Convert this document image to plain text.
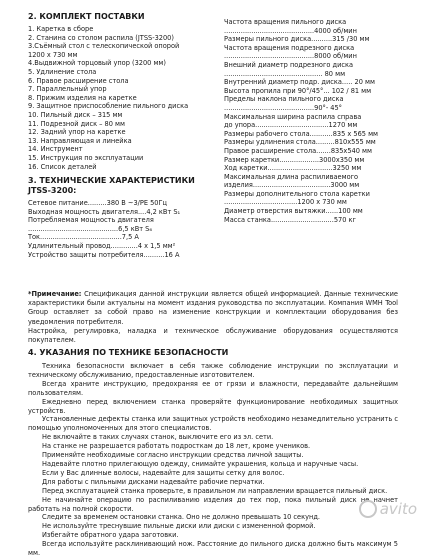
2. КОМПЛЕКТ ПОСТАВКИ
1. Каретка в сборе
2. Станина со столом распила (JTSS-3200)
3.Съёмный стол с телескопической опорой
1200 x 730 мм
4.Выдвижной торцовый упор (3200 мм)
5. Удлинение стола
6. Правое расширение стола
7. Параллельный упор
8. Прижим изделия на каретке
9. Защитное приспособление пильного диска
10. Пильный диск – 315 мм
11. Подрезной диск – 80 мм
12. Задний упор на каретке
13. Направляющая и линейка
14. Инструмент
15. Инструкция по эксплуатации
16. Список деталей
3. ТЕХНИЧЕСКИЕ ХАРАКТЕРИСТИКИ
JTSS-3200:
Сетевое питание.........380 В ~3/PE 50Гц
Выходная мощность двигателя....4,2 кВт S₁
Потребляемая мощность двигателя
...........................................6,5 кВт S₆
Ток.......................................7,5 А
Удлинительный провод.............4 x 1,5 мм²
Устройство защиты потребителя..........16 А
Частота вращения пильного диска
...........................................4000 об/мин
Размеры пильного диска..........315 /30 мм
Частота вращения подрезного диска
...........................................8000 об/мин
Внешний диаметр подрезного диска
............................................... 80 мм
Внутренний диаметр подр. диска..... 20 мм
Высота пропила при 90°/45°... 102 / 81 мм
Пределы наклона пильного диска
...........................................90°- 45°
Максимальная ширина распила справа
до упора...................................1270 мм
Размеры рабочего стола...........835 x 565 мм
Размеры удлинения стола.........810x555 мм
Правое расширение стола.......835x540 мм
Размер каретки...................3000x350 мм
Ход каретки...............................3250 мм
Максимальная длина распиливаемого
изделия.....................................3000 мм
Размеры дополнительного стола каретки
...................................1200 x 730 мм
Диаметр отверстия вытяжки......100 мм
Масса станка..............................570 кг
*Примечание: Спецификация данной инструкции является общей информацией. Данные технические характеристики были актуальны на момент издания руководства по эксплуатации. Компания WMH Tool Group оставляет за собой право на изменение конструкции и комплектации оборудования без уведомления потребителя.
Настройка, регулировка, наладка и техническое обслуживание оборудования осуществляются покупателем.
4. УКАЗАНИЯ ПО ТЕХНИКЕ БЕЗОПАСНОСТИ

Техника безопасности включает в себя также соблюдение инструкции по эксплуатации и техническому обслуживанию, предоставленные изготовителем.

Всегда храните инструкцию, предохраняя ее от грязи и влажности, передавайте дальнейшим пользователям.

Ежедневно перед включением станка проверяйте функционирование необходимых защитных устройств.

Установленные дефекты станка или защитных устройств необходимо незамедлительно устранить с помощью уполномоченных для этого специалистов.

Не включайте в таких случаях станок, выключите его из эл. сети.

На станке не разрешается работать подросткам до 18 лет, кроме учеников.

Применяйте необходимые согласно инструкции средства личной защиты.

Надевайте плотно прилегающую одежду, снимайте украшения, кольца и наручные часы.

Если у Вас длинные волосы, надевайте для защиты сетку для волос.

Для работы с пильными дисками надевайте рабочие перчатки.

Перед эксплуатацией станка проверьте, в правильном ли направлении вращается пильный диск.

Не начинайте операцию по распиливанию изделия до тех пор, пока пильный диск не начнет работать на полной скорости.

Следите за временем остановки станка. Оно не должно превышать 10 секунд.

Не используйте треснувшие пильные диски или диски с измененной формой.

Избегайте обратного удара заготовки.

Всегда используйте расклинивающий нож. Расстояние до пильного диска должно быть максимум 5 мм.

avito
